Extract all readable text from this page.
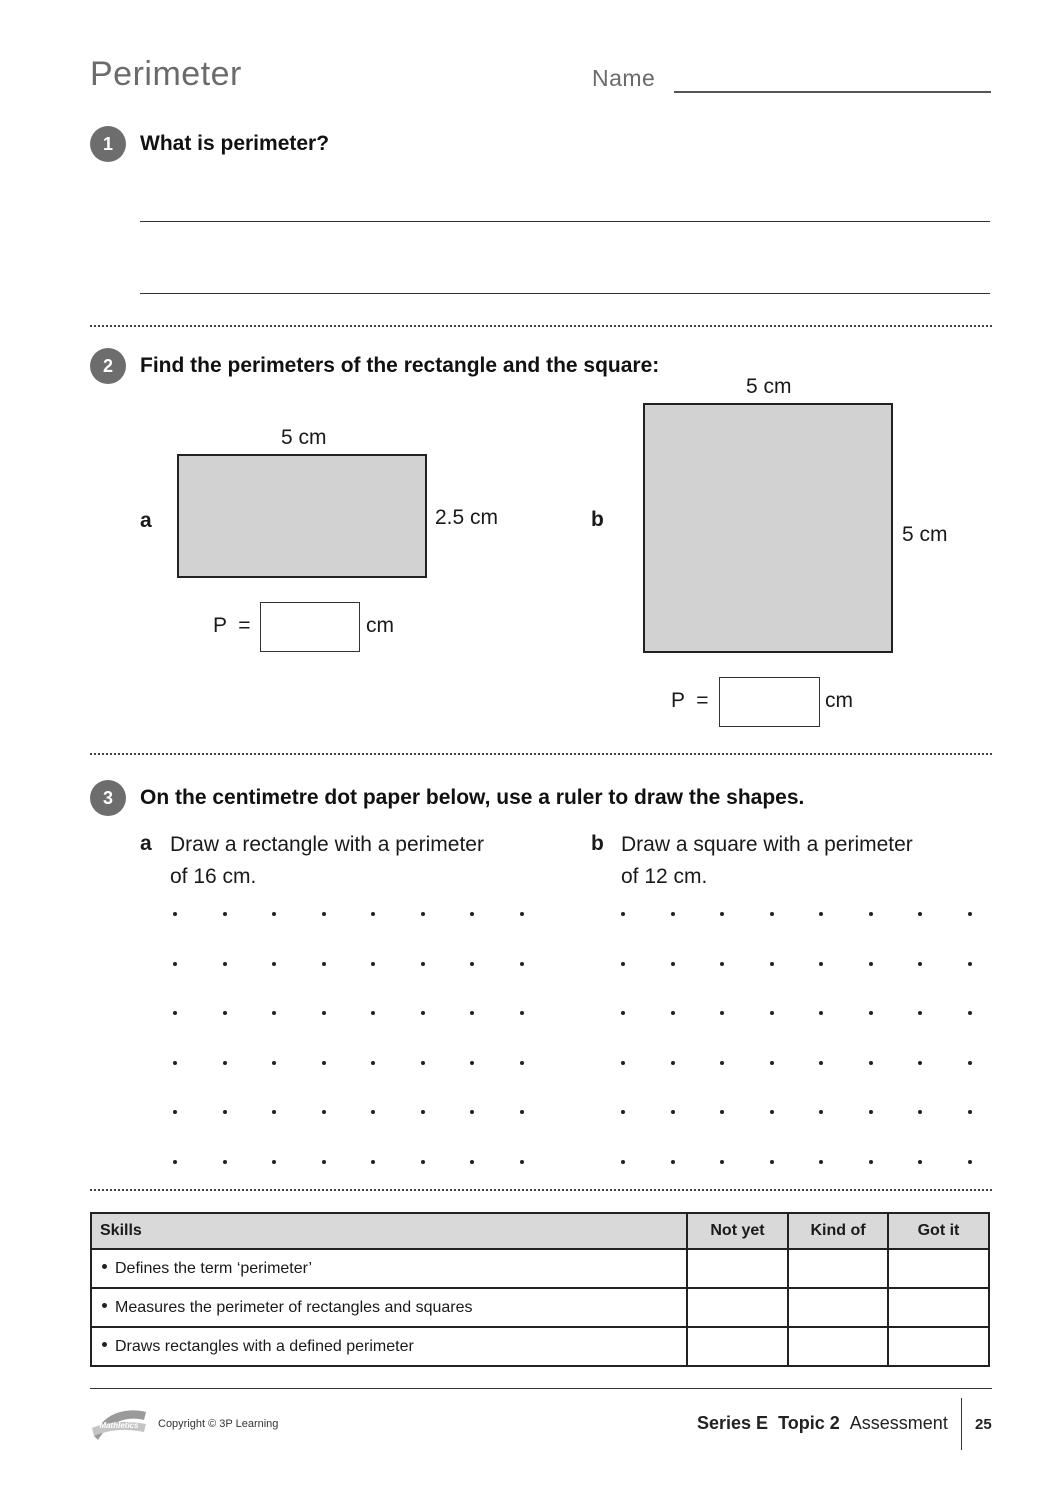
Perimeter	Name
1	What is perimeter?
2	Find the perimeters of the rectangle and the square:
5 cm
a	2.5 cm
P  =	cm
5 cm
b
5 cm
P  =	cm
3	On the centimetre dot paper below, use a ruler to draw the shapes.
a Draw a rectangle with a perimeter
of 16 cm.
b Draw a square with a perimeter
of 12 cm.
Skills	Not yet	Kind of	Got it
Defines the term ‘perimeter’			
Measures the perimeter of rectangles and squares			
Draws rectangles with a defined perimeter			
Mathletics Copyright © 3P Learning	Series E Topic 2 Assessment 25
